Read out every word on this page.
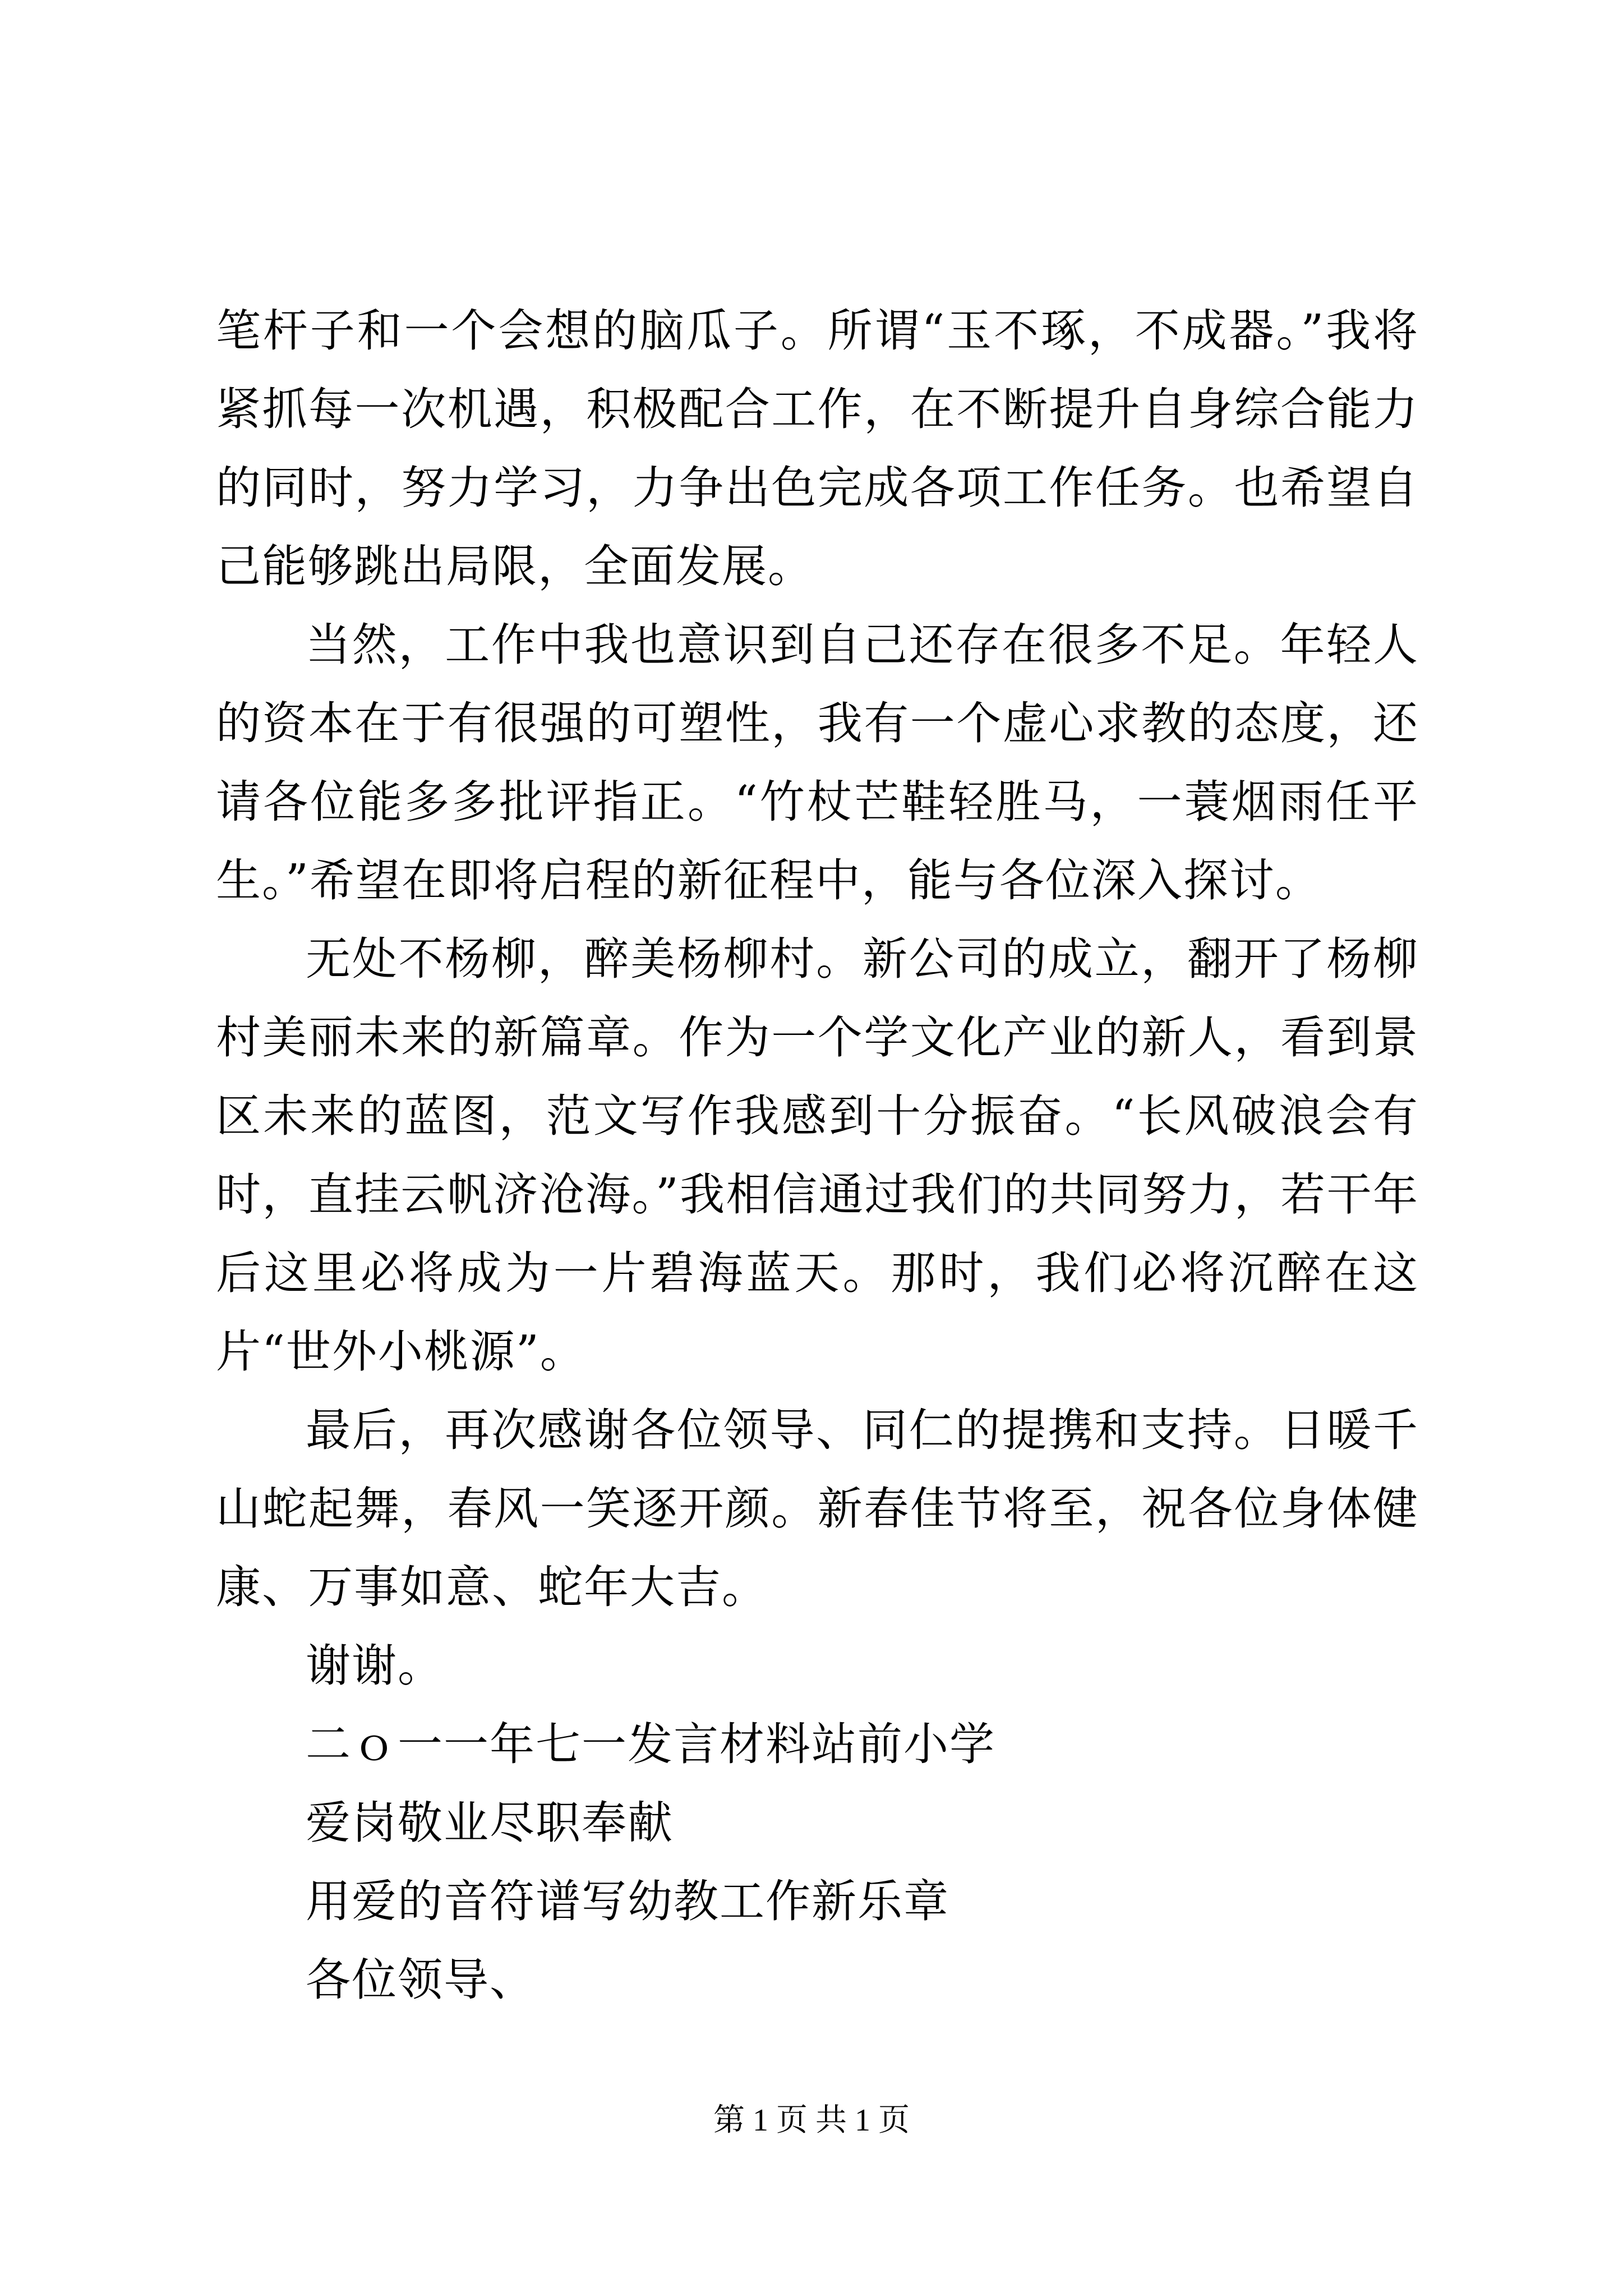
笔杆子和一个会想的脑瓜子。所谓“玉不琢，不成器。”我将紧抓每一次机遇，积极配合工作，在不断提升自身综合能力的同时，努力学习，力争出色完成各项工作任务。也希望自己能够跳出局限，全面发展。

当然，工作中我也意识到自己还存在很多不足。年轻人的资本在于有很强的可塑性，我有一个虚心求教的态度，还请各位能多多批评指正。“竹杖芒鞋轻胜马，一蓑烟雨任平生。”希望在即将启程的新征程中，能与各位深入探讨。

无处不杨柳，醉美杨柳村。新公司的成立，翻开了杨柳村美丽未来的新篇章。作为一个学文化产业的新人，看到景区未来的蓝图，范文写作我感到十分振奋。“长风破浪会有时，直挂云帆济沧海。”我相信通过我们的共同努力，若干年后这里必将成为一片碧海蓝天。那时，我们必将沉醉在这片“世外小桃源”。

最后，再次感谢各位领导、同仁的提携和支持。日暖千山蛇起舞，春风一笑逐开颜。新春佳节将至，祝各位身体健康、万事如意、蛇年大吉。

谢谢。

二ｏ一一年七一发言材料站前小学

爱岗敬业尽职奉献

用爱的音符谱写幼教工作新乐章

各位领导、

第 1 页 共 1 页
